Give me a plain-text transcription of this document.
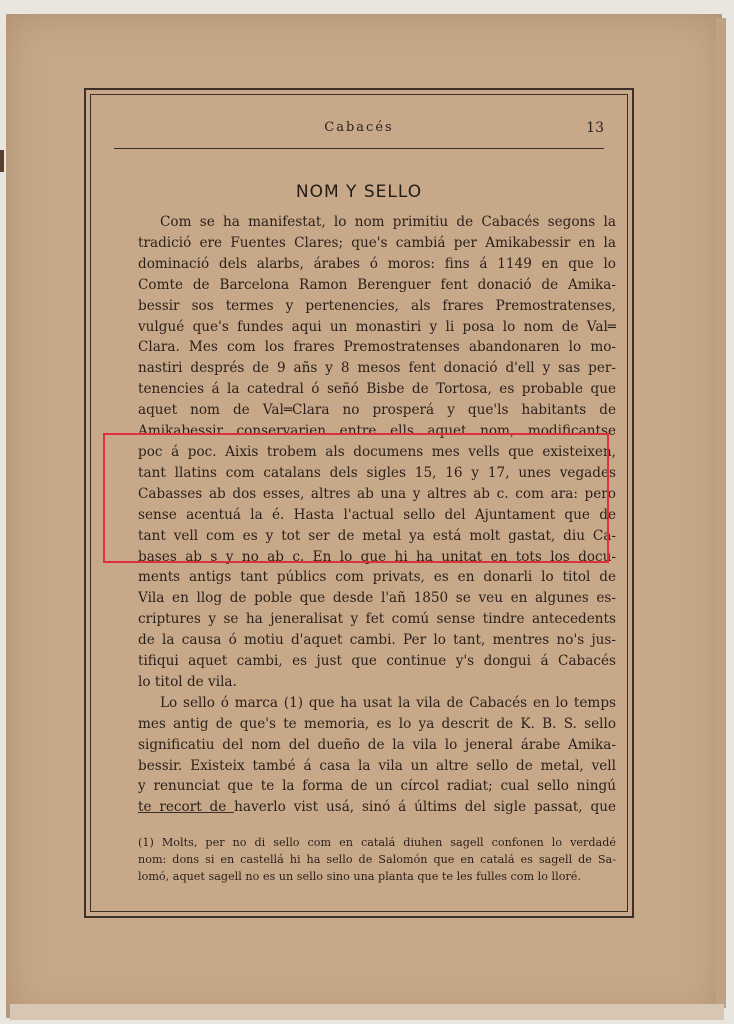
Cabacés	13
NOM Y SELLO
Com se ha manifestat, lo nom primitiu de Cabacés segons la
tradició ere Fuentes Clares; que's cambiá per Amikabessir en la
dominació dels alarbs, árabes ó moros: fins á 1149 en que lo
Comte de Barcelona Ramon Berenguer fent donació de Amika-
bessir sos termes y pertenencies, als frares Premostratenses,
vulgué que's fundes aqui un monastiri y li posa lo nom de Val═
Clara. Mes com los frares Premostratenses abandonaren lo mo-
nastiri després de 9 añs y 8 mesos fent donació d'ell y sas per-
tenencies á la catedral ó señó Bisbe de Tortosa, es probable que
aquet nom de Val═Clara no prosperá y que'ls habitants de
Amikabessir conservarien entre ells aquet nom, modificantse
poc á poc. Aixis trobem als documens mes vells que existeixen,
tant llatins com catalans dels sigles 15, 16 y 17, unes vegades
Cabasses ab dos esses, altres ab una y altres ab c. com ara: pero
sense acentuá la é. Hasta l'actual sello del Ajuntament que de
tant vell com es y tot ser de metal ya está molt gastat, diu Ca-
bases ab s y no ab c. En lo que hi ha unitat en tots los docu-
ments antigs tant públics com privats, es en donarli lo titol de
Vila en llog de poble que desde l'añ 1850 se veu en algunes es-
criptures y se ha jeneralisat y fet comú sense tindre antecedents
de la causa ó motiu d'aquet cambi. Per lo tant, mentres no's jus-
tifiqui aquet cambi, es just que continue y's dongui á Cabacés
lo titol de vila.
Lo sello ó marca (1) que ha usat la vila de Cabacés en lo temps
mes antig de que's te memoria, es lo ya descrit de K. B. S. sello
significatiu del nom del dueño de la vila lo jeneral árabe Amika-
bessir. Existeix també á casa la vila un altre sello de metal, vell
y renunciat que te la forma de un círcol radiat; cual sello ningú
te recort de haverlo vist usá, sinó á últims del sigle passat, que
(1) Molts, per no di sello com en catalá diuhen sagell confonen lo verdadé
nom: dons si en castellá hi ha sello de Salomón que en catalá es sagell de Sa-
lomó, aquet sagell no es un sello sino una planta que te les fulles com lo lloré.
